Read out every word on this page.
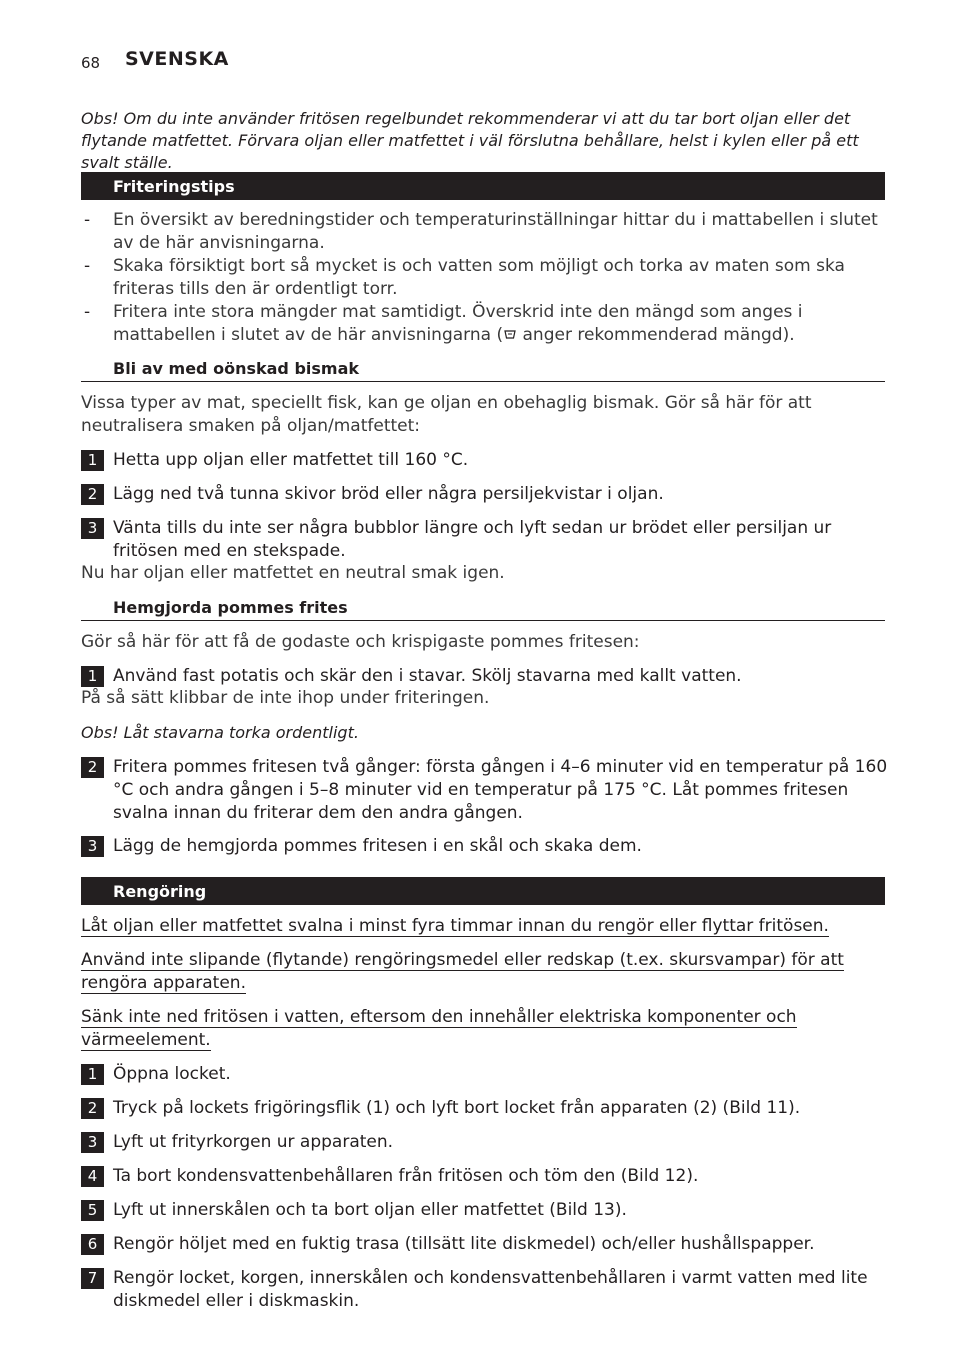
68 SVENSKA
Obs! Om du inte använder fritösen regelbundet rekommenderar vi att du tar bort oljan eller det flytande matfettet. Förvara oljan eller matfettet i väl förslutna behållare, helst i kylen eller på ett svalt ställe.
Friteringstips
- En översikt av beredningstider och temperaturinställningar hittar du i mattabellen i slutet av de här anvisningarna.
- Skaka försiktigt bort så mycket is och vatten som möjligt och torka av maten som ska friteras tills den är ordentligt torr.
- Fritera inte stora mängder mat samtidigt. Överskrid inte den mängd som anges i mattabellen i slutet av de här anvisningarna ( anger rekommenderad mängd).
Bli av med oönskad bismak
Vissa typer av mat, speciellt fisk, kan ge oljan en obehaglig bismak. Gör så här för att neutralisera smaken på oljan/matfettet:
1 Hetta upp oljan eller matfettet till 160 °C.
2 Lägg ned två tunna skivor bröd eller några persiljekvistar i oljan.
3 Vänta tills du inte ser några bubblor längre och lyft sedan ur brödet eller persiljan ur fritösen med en stekspade.
Nu har oljan eller matfettet en neutral smak igen.
Hemgjorda pommes frites
Gör så här för att få de godaste och krispigaste pommes fritesen:
1 Använd fast potatis och skär den i stavar. Skölj stavarna med kallt vatten.
På så sätt klibbar de inte ihop under friteringen.
Obs! Låt stavarna torka ordentligt.
2 Fritera pommes fritesen två gånger: första gången i 4–6 minuter vid en temperatur på 160 °C och andra gången i 5–8 minuter vid en temperatur på 175 °C. Låt pommes fritesen svalna innan du friterar dem den andra gången.
3 Lägg de hemgjorda pommes fritesen i en skål och skaka dem.
Rengöring
Låt oljan eller matfettet svalna i minst fyra timmar innan du rengör eller flyttar fritösen.
Använd inte slipande (flytande) rengöringsmedel eller redskap (t.ex. skursvampar) för att rengöra apparaten.
Sänk inte ned fritösen i vatten, eftersom den innehåller elektriska komponenter och värmeelement.
1 Öppna locket.
2 Tryck på lockets frigöringsflik (1) och lyft bort locket från apparaten (2) (Bild 11).
3 Lyft ut frityrkorgen ur apparaten.
4 Ta bort kondensvattenbehållaren från fritösen och töm den (Bild 12).
5 Lyft ut innerskålen och ta bort oljan eller matfettet (Bild 13).
6 Rengör höljet med en fuktig trasa (tillsätt lite diskmedel) och/eller hushållspapper.
7 Rengör locket, korgen, innerskålen och kondensvattenbehållaren i varmt vatten med lite diskmedel eller i diskmaskin.
